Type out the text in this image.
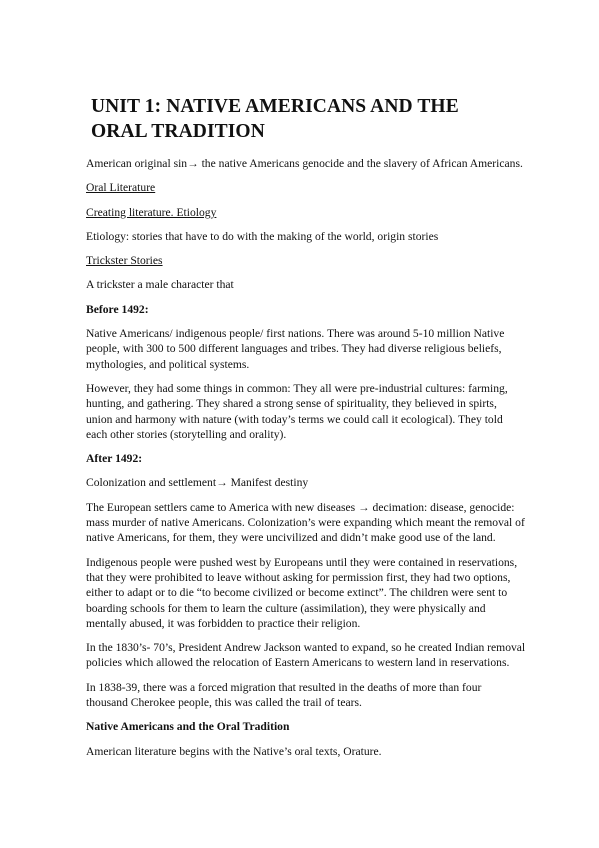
UNIT 1: NATIVE AMERICANS AND THE
ORAL TRADITION

American original sin→ the native Americans genocide and the slavery of African Americans.

Oral Literature

Creating literature. Etiology

Etiology: stories that have to do with the making of the world, origin stories

Trickster Stories

A trickster a male character that

Before 1492:

Native Americans/ indigenous people/ first nations. There was around 5-10 million Native people, with 300 to 500 different languages and tribes. They had diverse religious beliefs, mythologies, and political systems.

However, they had some things in common: They all were pre-industrial cultures: farming, hunting, and gathering. They shared a strong sense of spirituality, they believed in spirts, union and harmony with nature (with today’s terms we could call it ecological). They told each other stories (storytelling and orality).

After 1492:

Colonization and settlement→ Manifest destiny

The European settlers came to America with new diseases → decimation: disease, genocide: mass murder of native Americans. Colonization’s were expanding which meant the removal of native Americans, for them, they were uncivilized and didn’t make good use of the land.

Indigenous people were pushed west by Europeans until they were contained in reservations, that they were prohibited to leave without asking for permission first, they had two options, either to adapt or to die “to become civilized or become extinct”. The children were sent to boarding schools for them to learn the culture (assimilation), they were physically and mentally abused, it was forbidden to practice their religion.

In the 1830’s- 70’s, President Andrew Jackson wanted to expand, so he created Indian removal policies which allowed the relocation of Eastern Americans to western land in reservations.

In 1838-39, there was a forced migration that resulted in the deaths of more than four thousand Cherokee people, this was called the trail of tears.

Native Americans and the Oral Tradition

American literature begins with the Native’s oral texts, Orature.
